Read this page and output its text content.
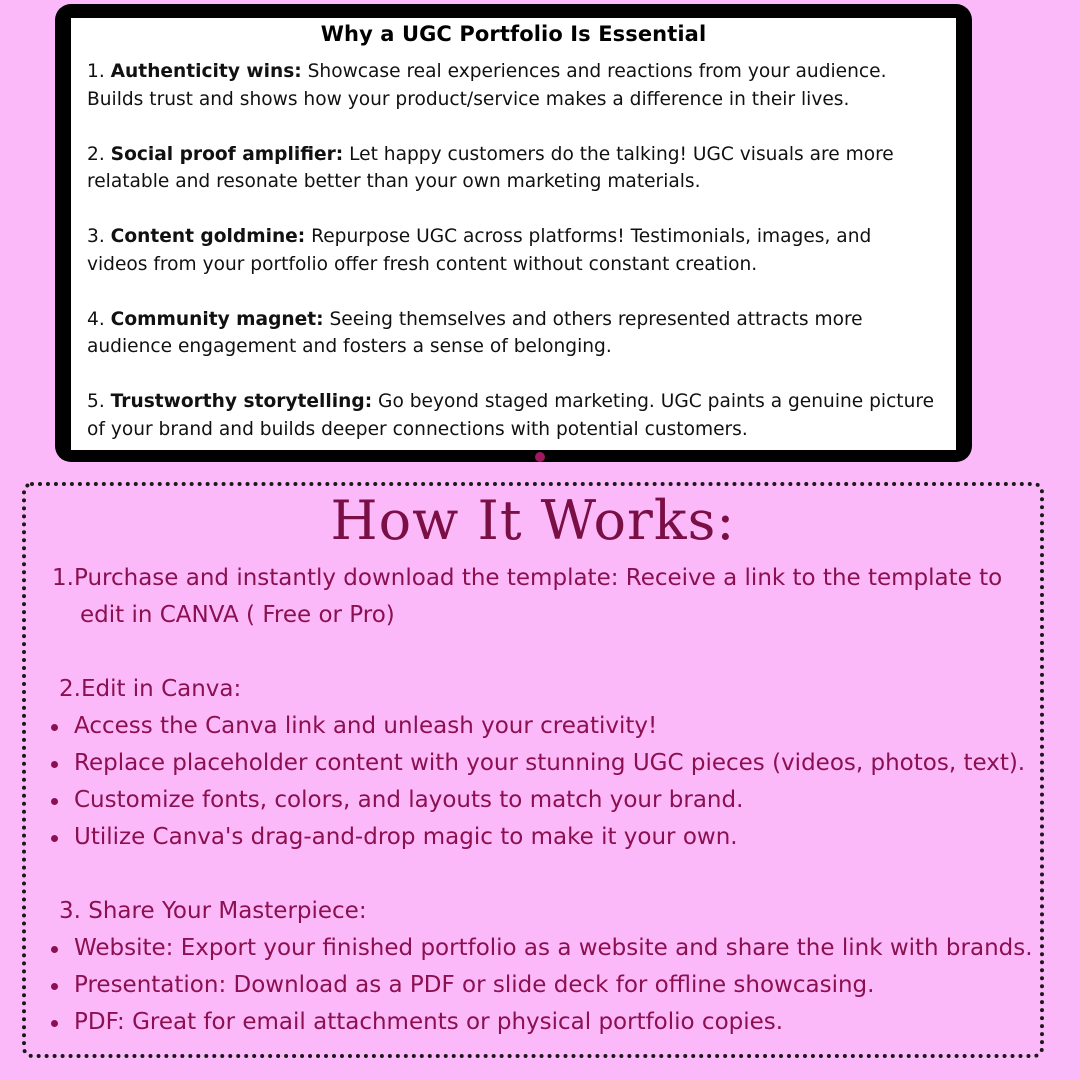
Why a UGC Portfolio Is Essential
1. Authenticity wins: Showcase real experiences and reactions from your audience. Builds trust and shows how your product/service makes a difference in their lives.
2. Social proof amplifier: Let happy customers do the talking! UGC visuals are more relatable and resonate better than your own marketing materials.
3. Content goldmine: Repurpose UGC across platforms! Testimonials, images, and videos from your portfolio offer fresh content without constant creation.
4. Community magnet: Seeing themselves and others represented attracts more audience engagement and fosters a sense of belonging.
5. Trustworthy storytelling: Go beyond staged marketing. UGC paints a genuine picture of your brand and builds deeper connections with potential customers.
How It Works:
1. Purchase and instantly download the template: Receive a link to the template to
edit in CANVA ( Free or Pro)
2.Edit in Canva:
Access the Canva link and unleash your creativity!
Replace placeholder content with your stunning UGC pieces (videos, photos, text).
Customize fonts, colors, and layouts to match your brand.
Utilize Canva's drag-and-drop magic to make it your own.
3. Share Your Masterpiece:
Website: Export your finished portfolio as a website and share the link with brands.
Presentation: Download as a PDF or slide deck for offline showcasing.
PDF: Great for email attachments or physical portfolio copies.
